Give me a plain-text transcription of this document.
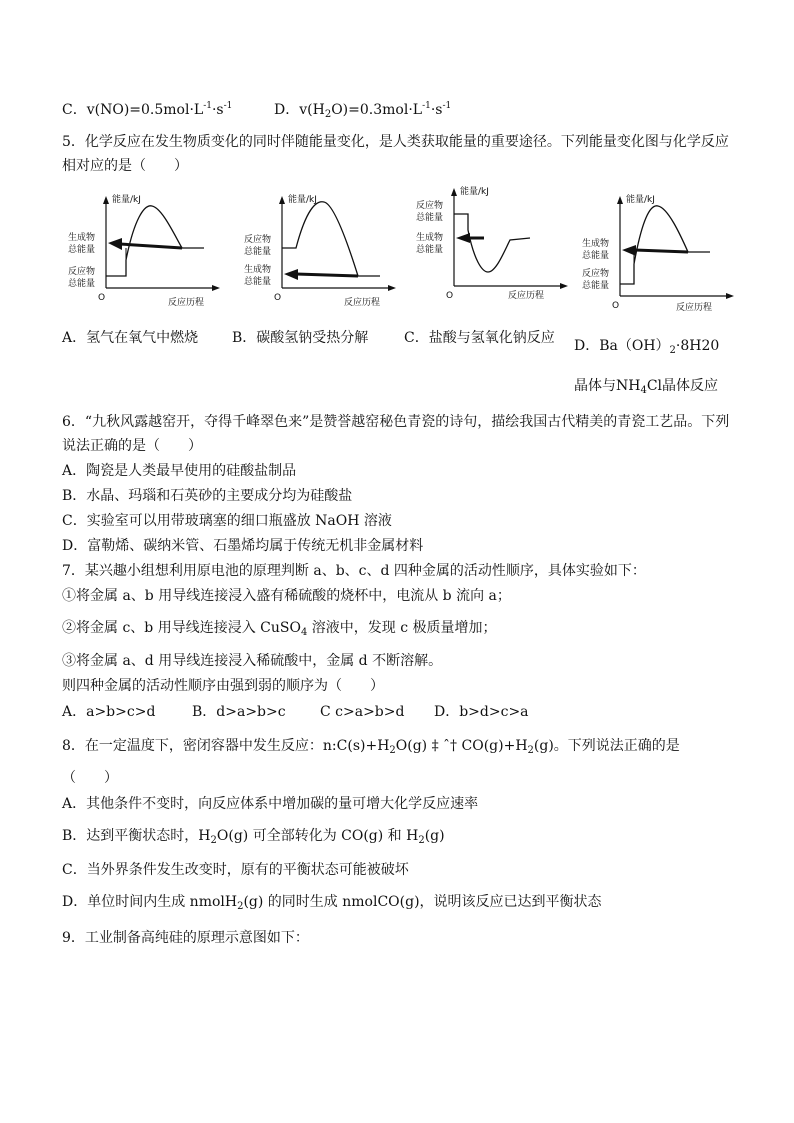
C．$v(NO)=0.5mol\cdot L^{-1}\cdot s^{-1}$	D．$v(H_2O)=0.3mol\cdot L^{-1}\cdot s^{-1}$
5．化学反应在发生物质变化的同时伴随能量变化，是人类获取能量的重要途径。下列能量变化图与化学反应
相对应的是（　　）
能量/kJ
O	反应历程
生成物
总能量
反应物
总能量
能量/kJ
O	反应历程
反应物
总能量
生成物
总能量
能量/kJ
O	反应历程
反应物
总能量
生成物
总能量
能量/kJ
O	反应历程
生成物
总能量
反应物
总能量
A．氢气在氧气中燃烧 B．碳酸氢钠受热分解	C．盐酸与氢氧化钠反应 D．$Ba(OH)_2\cdot 8H20$
晶体与$NH_4Cl$晶体反应
6．“九秋风露越窑开，夺得千峰翠色来”是赞誉越窑秘色青瓷的诗句，描绘我国古代精美的青瓷工艺品。下列
说法正确的是（　　）
A．陶瓷是人类最早使用的硅酸盐制品
B．水晶、玛瑙和石英砂的主要成分均为硅酸盐
C．实验室可以用带玻璃塞的细口瓶盛放 NaOH 溶液
D．富勒烯、碳纳米管、石墨烯均属于传统无机非金属材料
7．某兴趣小组想利用原电池的原理判断 a、b、c、d 四种金属的活动性顺序，具体实验如下：
①将金属 a、b 用导线连接浸入盛有稀硫酸的烧杯中，电流从 b 流向 a；
②将金属 c、b 用导线连接浸入 CuSO$_4$ 溶液中，发现 c 极质量增加；
③将金属 a、d 用导线连接浸入稀硫酸中，金属 d 不断溶解。
则四种金属的活动性顺序由强到弱的顺序为（　　）
A．a>b>c>d	B．d>a>b>c C c>a>b>d D．b>d>c>a
8．在一定温度下，密闭容器中发生反应：$n:C(s)+H_2O(g)$ ‡ ˆ† $CO(g)+H_2(g)$。下列说法正确的是
（　　）
A．其他条件不变时，向反应体系中增加碳的量可增大化学反应速率
B．达到平衡状态时，$H_2O(g)$ 可全部转化为 CO(g) 和 $H_2(g)$
C．当外界条件发生改变时，原有的平衡状态可能被破坏
D．单位时间内生成 nmolH$_2$(g) 的同时生成 nmolCO(g)，说明该反应已达到平衡状态
9．工业制备高纯硅的原理示意图如下：
